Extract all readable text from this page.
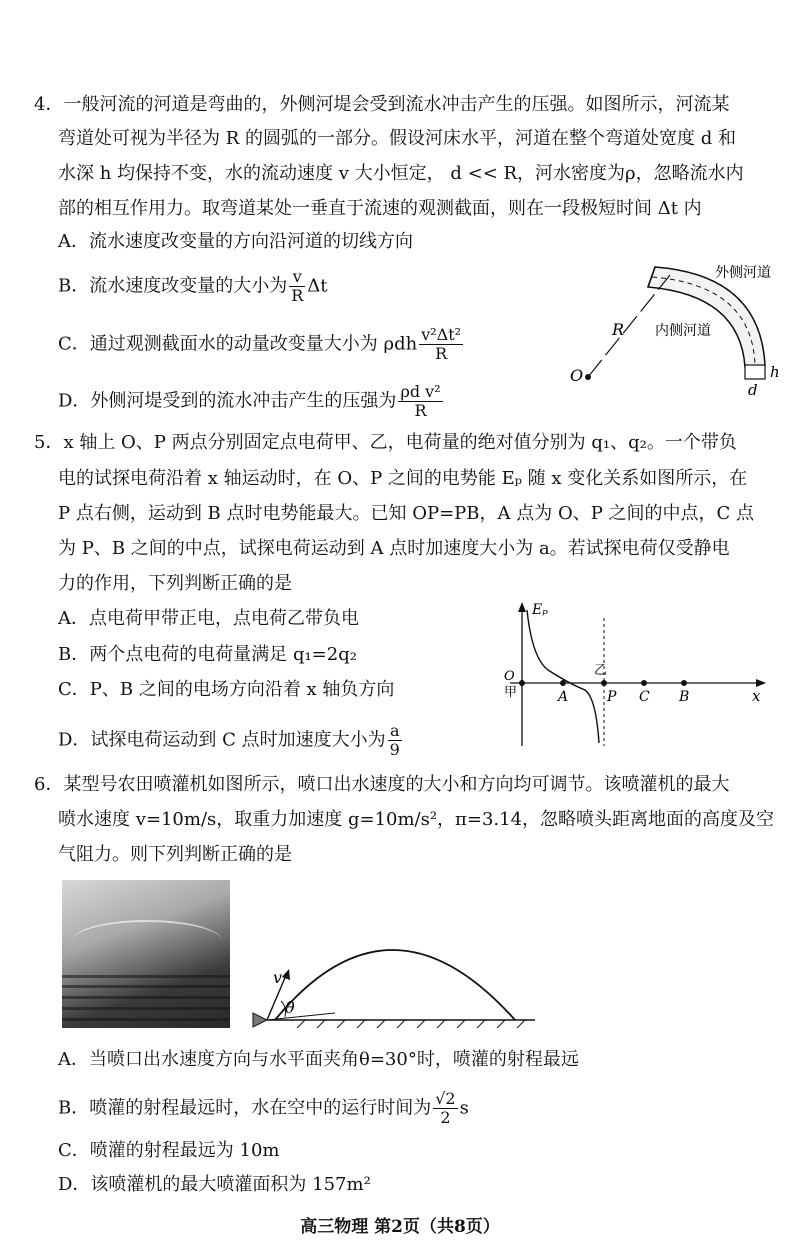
4．一般河流的河道是弯曲的，外侧河堤会受到流水冲击产生的压强。如图所示，河流某
弯道处可视为半径为 R 的圆弧的一部分。假设河床水平，河道在整个弯道处宽度 d 和
水深 h 均保持不变，水的流动速度 v 大小恒定， d << R，河水密度为ρ，忽略流水内
部的相互作用力。取弯道某处一垂直于流速的观测截面，则在一段极短时间 Δt 内
A．流水速度改变量的方向沿河道的切线方向
B．流水速度改变量的大小为 $\frac{v}{R}$ Δt
C．通过观测截面水的动量改变量大小为 ρdh $\frac{\text{v²Δt²}}{R}$
D．外侧河堤受到的流水冲击产生的压强为 $\frac{\text{ρd v²}}{R}$
O
R
外侧河道
内侧河道
h
d
5．x 轴上 O、P 两点分别固定点电荷甲、乙，电荷量的绝对值分别为 q₁、q₂。一个带负
电的试探电荷沿着 x 轴运动时，在 O、P 之间的电势能 Eₚ 随 x 变化关系如图所示，在
P 点右侧，运动到 B 点时电势能最大。已知 OP=PB，A 点为 O、P 之间的中点，C 点
为 P、B 之间的中点，试探电荷运动到 A 点时加速度大小为 a。若试探电荷仅受静电
力的作用，下列判断正确的是
A．点电荷甲带正电，点电荷乙带负电
B．两个点电荷的电荷量满足 q₁=2q₂
C．P、B 之间的电场方向沿着 x 轴负方向
D．试探电荷运动到 C 点时加速度大小为 $\frac{a}{9}$
Eₚ
O
甲
乙
A	P C B	x
6．某型号农田喷灌机如图所示，喷口出水速度的大小和方向均可调节。该喷灌机的最大
喷水速度 v=10m/s，取重力加速度 g=10m/s²，π=3.14，忽略喷头距离地面的高度及空
气阻力。则下列判断正确的是
v
θ
A．当喷口出水速度方向与水平面夹角θ=30°时，喷灌的射程最远
B．喷灌的射程最远时，水在空中的运行时间为 $\frac{√2}{2}$ s
C．喷灌的射程最远为 10m
D．该喷灌机的最大喷灌面积为 157m²
高三物理 第2页（共8页）
